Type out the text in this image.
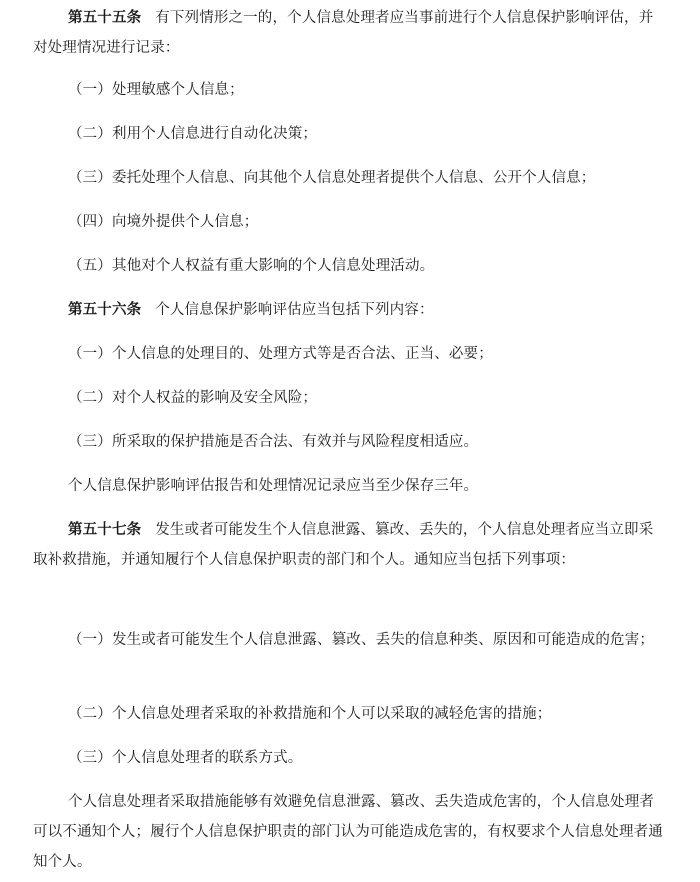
第五十五条 有下列情形之一的，个人信息处理者应当事前进行个人信息保护影响评估，并对处理情况进行记录：

（一）处理敏感个人信息；

（二）利用个人信息进行自动化决策；

（三）委托处理个人信息、向其他个人信息处理者提供个人信息、公开个人信息；

（四）向境外提供个人信息；

（五）其他对个人权益有重大影响的个人信息处理活动。

第五十六条 个人信息保护影响评估应当包括下列内容：

（一）个人信息的处理目的、处理方式等是否合法、正当、必要；

（二）对个人权益的影响及安全风险；

（三）所采取的保护措施是否合法、有效并与风险程度相适应。

个人信息保护影响评估报告和处理情况记录应当至少保存三年。

第五十七条 发生或者可能发生个人信息泄露、篡改、丢失的，个人信息处理者应当立即采取补救措施，并通知履行个人信息保护职责的部门和个人。通知应当包括下列事项：

（一）发生或者可能发生个人信息泄露、篡改、丢失的信息种类、原因和可能造成的危害；

（二）个人信息处理者采取的补救措施和个人可以采取的减轻危害的措施；

（三）个人信息处理者的联系方式。

个人信息处理者采取措施能够有效避免信息泄露、篡改、丢失造成危害的，个人信息处理者可以不通知个人；履行个人信息保护职责的部门认为可能造成危害的，有权要求个人信息处理者通知个人。
